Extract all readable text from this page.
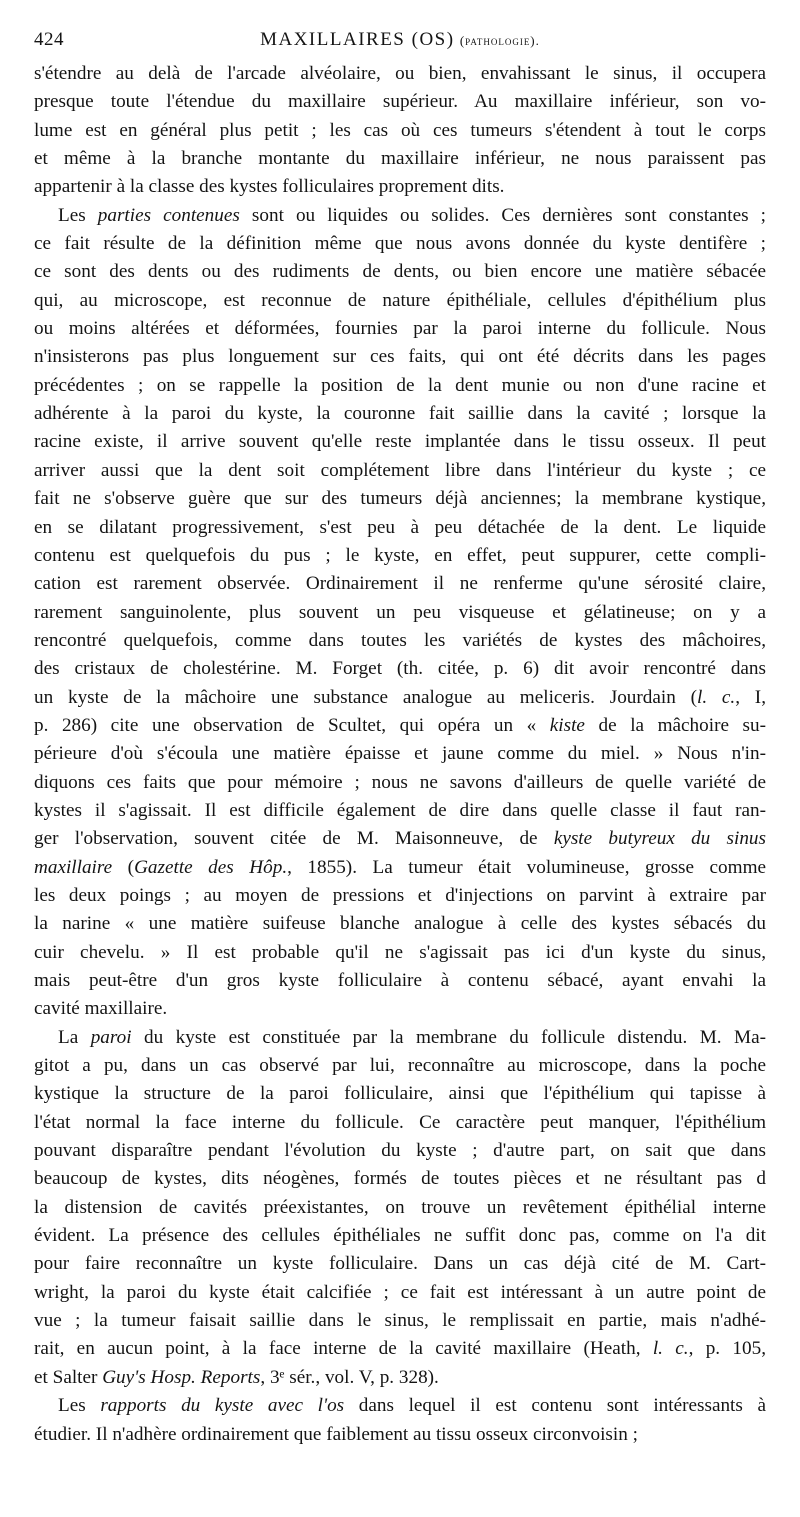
424	MAXILLAIRES (OS) (pathologie).
s'étendre au delà de l'arcade alvéolaire, ou bien, envahissant le sinus, il occupera
presque toute l'étendue du maxillaire supérieur. Au maxillaire inférieur, son vo-
lume est en général plus petit ; les cas où ces tumeurs s'étendent à tout le corps
et même à la branche montante du maxillaire inférieur, ne nous paraissent pas
appartenir à la classe des kystes folliculaires proprement dits.
Les parties contenues sont ou liquides ou solides. Ces dernières sont constantes ;
ce fait résulte de la définition même que nous avons donnée du kyste dentifère ;
ce sont des dents ou des rudiments de dents, ou bien encore une matière sébacée
qui, au microscope, est reconnue de nature épithéliale, cellules d'épithélium plus
ou moins altérées et déformées, fournies par la paroi interne du follicule. Nous
n'insisterons pas plus longuement sur ces faits, qui ont été décrits dans les pages
précédentes ; on se rappelle la position de la dent munie ou non d'une racine et
adhérente à la paroi du kyste, la couronne fait saillie dans la cavité ; lorsque la
racine existe, il arrive souvent qu'elle reste implantée dans le tissu osseux. Il peut
arriver aussi que la dent soit complétement libre dans l'intérieur du kyste ; ce
fait ne s'observe guère que sur des tumeurs déjà anciennes; la membrane kystique,
en se dilatant progressivement, s'est peu à peu détachée de la dent. Le liquide
contenu est quelquefois du pus ; le kyste, en effet, peut suppurer, cette compli-
cation est rarement observée. Ordinairement il ne renferme qu'une sérosité claire,
rarement sanguinolente, plus souvent un peu visqueuse et gélatineuse; on y a
rencontré quelquefois, comme dans toutes les variétés de kystes des mâchoires,
des cristaux de cholestérine. M. Forget (th. citée, p. 6) dit avoir rencontré dans
un kyste de la mâchoire une substance analogue au meliceris. Jourdain (l. c., I,
p. 286) cite une observation de Scultet, qui opéra un « kiste de la mâchoire su-
périeure d'où s'écoula une matière épaisse et jaune comme du miel. » Nous n'in-
diquons ces faits que pour mémoire ; nous ne savons d'ailleurs de quelle variété de
kystes il s'agissait. Il est difficile également de dire dans quelle classe il faut ran-
ger l'observation, souvent citée de M. Maisonneuve, de kyste butyreux du sinus
maxillaire (Gazette des Hôp., 1855). La tumeur était volumineuse, grosse comme
les deux poings ; au moyen de pressions et d'injections on parvint à extraire par
la narine « une matière suifeuse blanche analogue à celle des kystes sébacés du
cuir chevelu. » Il est probable qu'il ne s'agissait pas ici d'un kyste du sinus,
mais peut-être d'un gros kyste folliculaire à contenu sébacé, ayant envahi la
cavité maxillaire.
La paroi du kyste est constituée par la membrane du follicule distendu. M. Ma-
gitot a pu, dans un cas observé par lui, reconnaître au microscope, dans la poche
kystique la structure de la paroi folliculaire, ainsi que l'épithélium qui tapisse à
l'état normal la face interne du follicule. Ce caractère peut manquer, l'épithélium
pouvant disparaître pendant l'évolution du kyste ; d'autre part, on sait que dans
beaucoup de kystes, dits néogènes, formés de toutes pièces et ne résultant pas d
la distension de cavités préexistantes, on trouve un revêtement épithélial interne
évident. La présence des cellules épithéliales ne suffit donc pas, comme on l'a dit
pour faire reconnaître un kyste folliculaire. Dans un cas déjà cité de M. Cart-
wright, la paroi du kyste était calcifiée ; ce fait est intéressant à un autre point de
vue ; la tumeur faisait saillie dans le sinus, le remplissait en partie, mais n'adhé-
rait, en aucun point, à la face interne de la cavité maxillaire (Heath, l. c., p. 105,
et Salter Guy's Hosp. Reports, 3ᵉ sér., vol. V, p. 328).
Les rapports du kyste avec l'os dans lequel il est contenu sont intéressants à
étudier. Il n'adhère ordinairement que faiblement au tissu osseux circonvoisin ;
